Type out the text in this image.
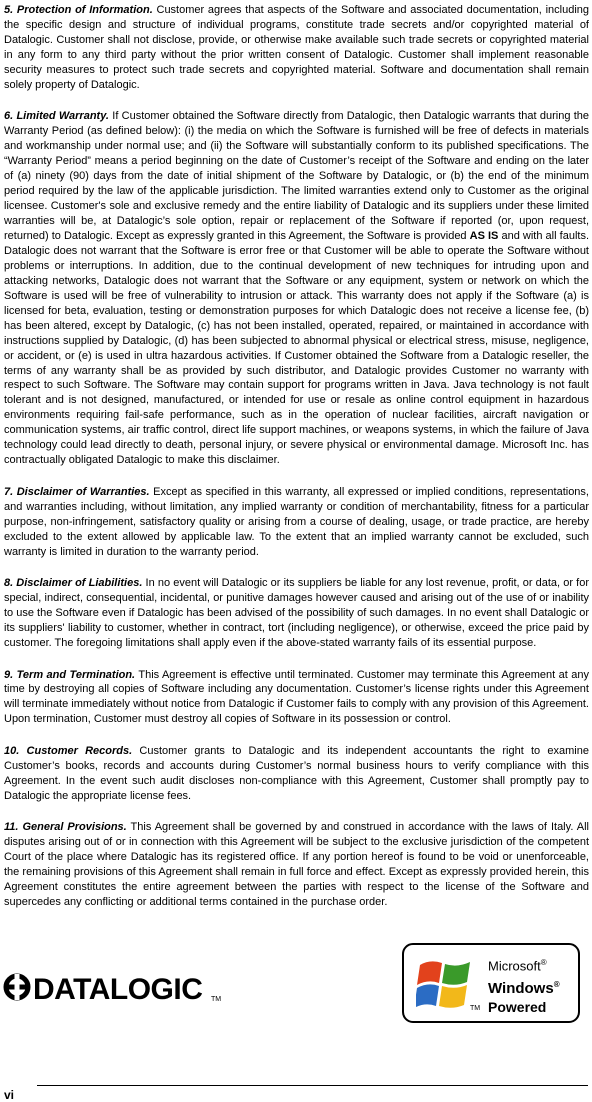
5. Protection of Information. Customer agrees that aspects of the Software and associated documentation, including the specific design and structure of individual programs, constitute trade secrets and/or copyrighted material of Datalogic. Customer shall not disclose, provide, or otherwise make available such trade secrets or copyrighted material in any form to any third party without the prior written consent of Datalogic. Customer shall implement reasonable security measures to protect such trade secrets and copyrighted material. Software and documentation shall remain solely property of Datalogic.

6. Limited Warranty. If Customer obtained the Software directly from Datalogic, then Datalogic warrants that during the Warranty Period (as defined below): (i) the media on which the Software is furnished will be free of defects in materials and workmanship under normal use; and (ii) the Software will substantially conform to its published specifications. The “Warranty Period” means a period beginning on the date of Customer’s receipt of the Software and ending on the later of (a) ninety (90) days from the date of initial shipment of the Software by Datalogic, or (b) the end of the minimum period required by the law of the applicable jurisdiction. The limited warranties extend only to Customer as the original licensee. Customer's sole and exclusive remedy and the entire liability of Datalogic and its suppliers under these limited warranties will be, at Datalogic’s sole option, repair or replacement of the Software if reported (or, upon request, returned) to Datalogic. Except as expressly granted in this Agreement, the Software is provided AS IS and with all faults. Datalogic does not warrant that the Software is error free or that Customer will be able to operate the Software without problems or interruptions. In addition, due to the continual development of new techniques for intruding upon and attacking networks, Datalogic does not warrant that the Software or any equipment, system or network on which the Software is used will be free of vulnerability to intrusion or attack. This warranty does not apply if the Software (a) is licensed for beta, evaluation, testing or demonstration purposes for which Datalogic does not receive a license fee, (b) has been altered, except by Datalogic, (c) has not been installed, operated, repaired, or maintained in accordance with instructions supplied by Datalogic, (d) has been subjected to abnormal physical or electrical stress, misuse, negligence, or accident, or (e) is used in ultra hazardous activities. If Customer obtained the Software from a Datalogic reseller, the terms of any warranty shall be as provided by such distributor, and Datalogic provides Customer no warranty with respect to such Software. The Software may contain support for programs written in Java. Java technology is not fault tolerant and is not designed, manufactured, or intended for use or resale as online control equipment in hazardous environments requiring fail-safe performance, such as in the operation of nuclear facilities, aircraft navigation or communication systems, air traffic control, direct life support machines, or weapons systems, in which the failure of Java technology could lead directly to death, personal injury, or severe physical or environmental damage. Microsoft Inc. has contractually obligated Datalogic to make this disclaimer.

7. Disclaimer of Warranties. Except as specified in this warranty, all expressed or implied conditions, representations, and warranties including, without limitation, any implied warranty or condition of merchantability, fitness for a particular purpose, non-infringement, satisfactory quality or arising from a course of dealing, usage, or trade practice, are hereby excluded to the extent allowed by applicable law. To the extent that an implied warranty cannot be excluded, such warranty is limited in duration to the warranty period.

8. Disclaimer of Liabilities. In no event will Datalogic or its suppliers be liable for any lost revenue, profit, or data, or for special, indirect, consequential, incidental, or punitive damages however caused and arising out of the use of or inability to use the Software even if Datalogic has been advised of the possibility of such damages. In no event shall Datalogic or its suppliers' liability to customer, whether in contract, tort (including negligence), or otherwise, exceed the price paid by customer. The foregoing limitations shall apply even if the above-stated warranty fails of its essential purpose.

9. Term and Termination. This Agreement is effective until terminated. Customer may terminate this Agreement at any time by destroying all copies of Software including any documentation. Customer’s license rights under this Agreement will terminate immediately without notice from Datalogic if Customer fails to comply with any provision of this Agreement. Upon termination, Customer must destroy all copies of Software in its possession or control.

10. Customer Records. Customer grants to Datalogic and its independent accountants the right to examine Customer’s books, records and accounts during Customer’s normal business hours to verify compliance with this Agreement. In the event such audit discloses non-compliance with this Agreement, Customer shall promptly pay to Datalogic the appropriate license fees.

11. General Provisions. This Agreement shall be governed by and construed in accordance with the laws of Italy. All disputes arising out of or in connection with this Agreement will be subject to the exclusive jurisdiction of the competent Court of the place where Datalogic has its registered office. If any portion hereof is found to be void or unenforceable, the remaining provisions of this Agreement shall remain in full force and effect. Except as expressly provided herein, this Agreement constitutes the entire agreement between the parties with respect to the license of the Software and supercedes any conflicting or additional terms contained in the purchase order.

DATALOGIC TM
TM
Microsoft®
Windows®
Powered
vi
